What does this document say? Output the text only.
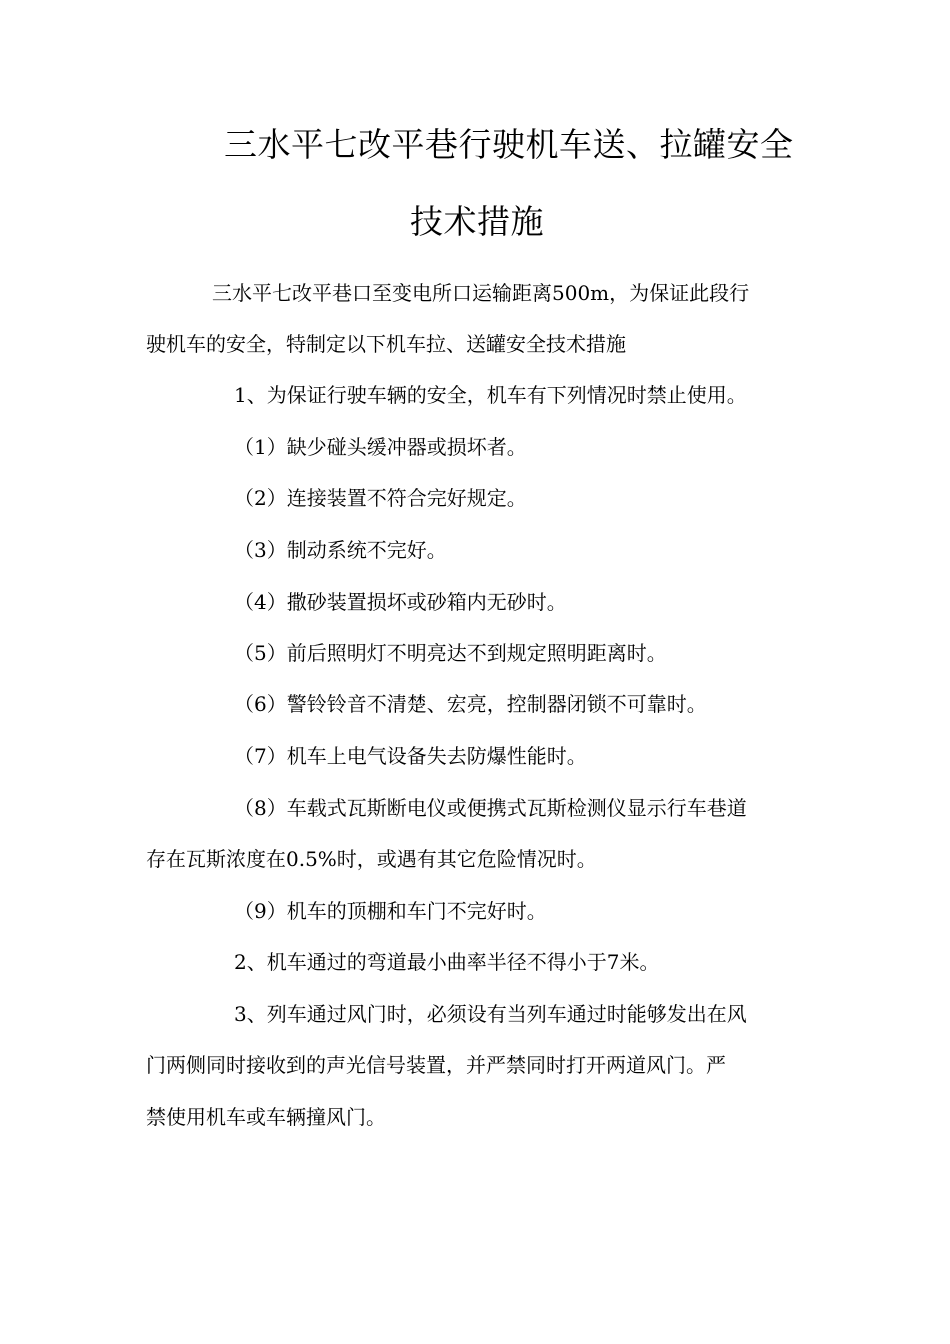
三水平七改平巷行驶机车送、拉罐安全
技术措施
三水平七改平巷口至变电所口运输距离500m，为保证此段行
驶机车的安全，特制定以下机车拉、送罐安全技术措施
1、为保证行驶车辆的安全，机车有下列情况时禁止使用。
（1）缺少碰头缓冲器或损坏者。
（2）连接装置不符合完好规定。
（3）制动系统不完好。
（4）撒砂装置损坏或砂箱内无砂时。
（5）前后照明灯不明亮达不到规定照明距离时。
（6）警铃铃音不清楚、宏亮，控制器闭锁不可靠时。
（7）机车上电气设备失去防爆性能时。
（8）车载式瓦斯断电仪或便携式瓦斯检测仪显示行车巷道
存在瓦斯浓度在0.5%时，或遇有其它危险情况时。
（9）机车的顶棚和车门不完好时。
2、机车通过的弯道最小曲率半径不得小于7米。
3、列车通过风门时，必须设有当列车通过时能够发出在风
门两侧同时接收到的声光信号装置，并严禁同时打开两道风门。严
禁使用机车或车辆撞风门。
